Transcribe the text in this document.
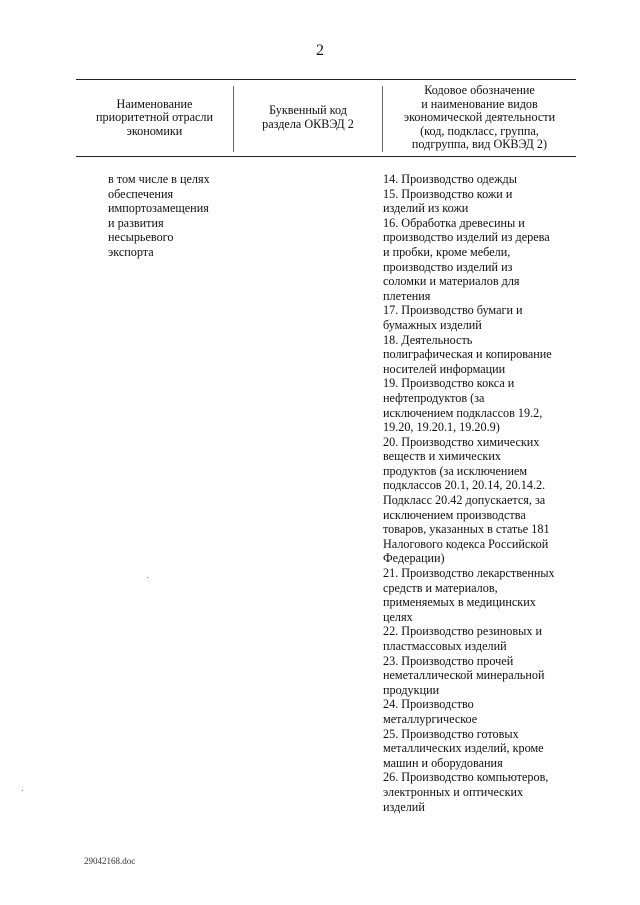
2
Наименование
приоритетной отрасли
экономики
Буквенный код
раздела ОКВЭД 2
Кодовое обозначение
и наименование видов
экономической деятельности
(код, подкласс, группа,
подгруппа, вид ОКВЭД 2)
в том числе в целях
обеспечения
импортозамещения
и развития
несырьевого
экспорта
14. Производство одежды
15. Производство кожи и
изделий из кожи
16. Обработка древесины и
производство изделий из дерева
и пробки, кроме мебели,
производство изделий из
соломки и материалов для
плетения
17. Производство бумаги и
бумажных изделий
18. Деятельность
полиграфическая и копирование
носителей информации
19. Производство кокса и
нефтепродуктов (за
исключением подклассов 19.2,
19.20, 19.20.1, 19.20.9)
20. Производство химических
веществ и химических
продуктов (за исключением
подклассов 20.1, 20.14, 20.14.2.
Подкласс 20.42 допускается, за
исключением производства
товаров, указанных в статье 181
Налогового кодекса Российской
Федерации)
21. Производство лекарственных
средств и материалов,
применяемых в медицинских
целях
22. Производство резиновых и
пластмассовых изделий
23. Производство прочей
неметаллической минеральной
продукции
24. Производство
металлургическое
25. Производство готовых
металлических изделий, кроме
машин и оборудования
26. Производство компьютеров,
электронных и оптических
изделий
29042168.doc
